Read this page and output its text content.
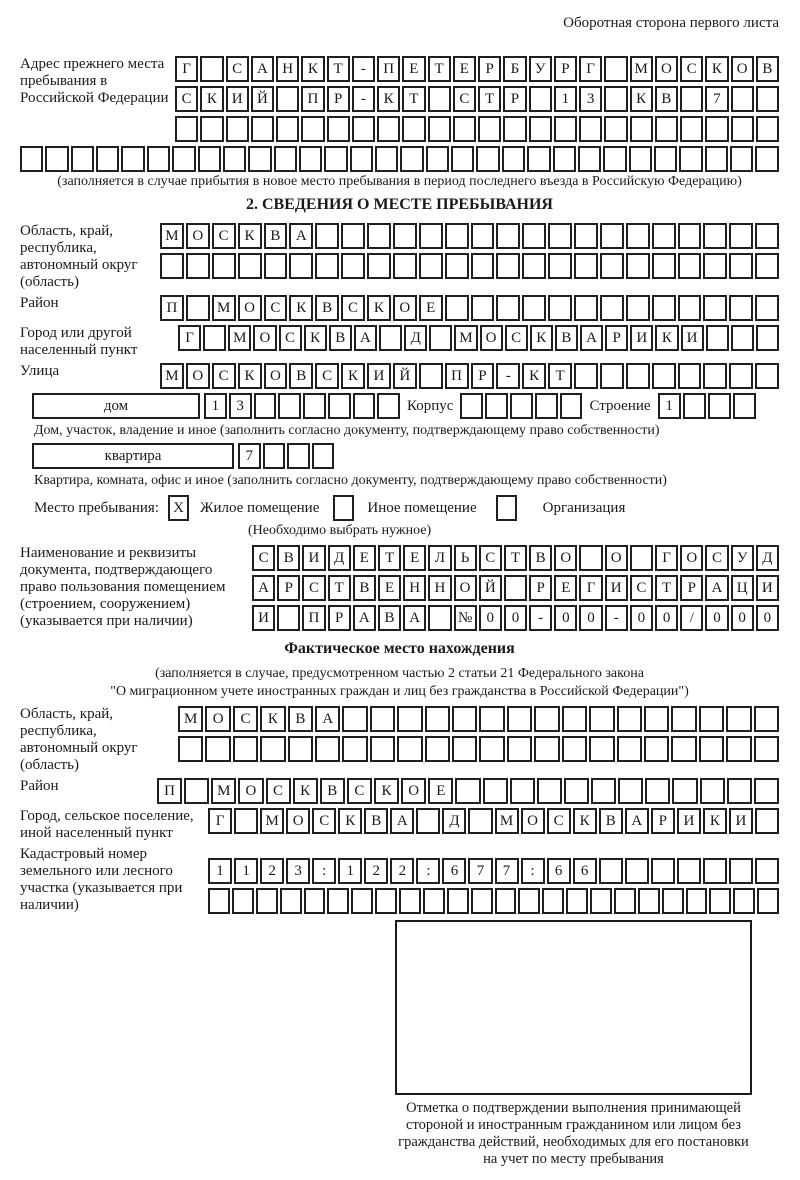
Оборотная сторона первого листа
Адрес прежнего места пребывания в Российской Федерации
Г	С А Н К	Т	-	П	Е	Т	Е	Р	Б	У	Р	Г	М О С	К О В
С	К И Й	П	Р	-	К	Т	С	Т	Р	1	3	К	В	7
(заполняется в случае прибытия в новое место пребывания в период последнего въезда в Российскую Федерацию)
2. СВЕДЕНИЯ О МЕСТЕ ПРЕБЫВАНИЯ
Область, край, республика, автономный округ (область)
М О	С	К	В	А
Район	П	М О	С	К	В	С	К	О	Е
Город или другой населенный пункт
Г	М О С	К	В А	Д	М О С	К	В А	Р	И К И
Улица	М О	С	К	О	В	С	К	И	Й	П	Р	-	К	Т
дом	1	3	Корпус	Строение 1
Дом, участок, владение и иное (заполнить согласно документу, подтверждающему право собственности)
квартира	7
Квартира, комната, офис и иное (заполнить согласно документу, подтверждающему право собственности)
Место пребывания: X	Жилое помещение	Иное помещение	Организация
(Необходимо выбрать нужное)
Наименование и реквизиты документа, подтверждающего право пользования помещением (строением, сооружением) (указывается при наличии)
С	В И Д	Е	Т	Е	Л	Ь	С	Т	В О	О	Г	О С У Д
А	Р	С	Т	В	Е	Н Н О Й	Р	Е	Г	И С	Т	Р	А Ц И
И	П	Р	А В А	№ 0	0	-	0	0	-	0	0	/	0	0	0
Фактическое место нахождения
(заполняется в случае, предусмотренном частью 2 статьи 21 Федерального закона
"О миграционном учете иностранных граждан и лиц без гражданства в Российской Федерации")
Область, край, республика, автономный округ (область)
М	О	С	К	В	А
Район	П	М	О	С	К	В	С	К	О	Е
Город, сельское поселение, иной населенный пункт
Г	М О	С	К	В	А	Д	М О	С	К	В	А	Р	И	К	И
Кадастровый номер земельного или лесного участка (указывается при наличии)
1	1	2	3	:	1	2	2	:	6	7	7	:	6	6
Отметка о подтверждении выполнения принимающей стороной и иностранным гражданином или лицом без гражданства действий, необходимых для его постановки на учет по месту пребывания
